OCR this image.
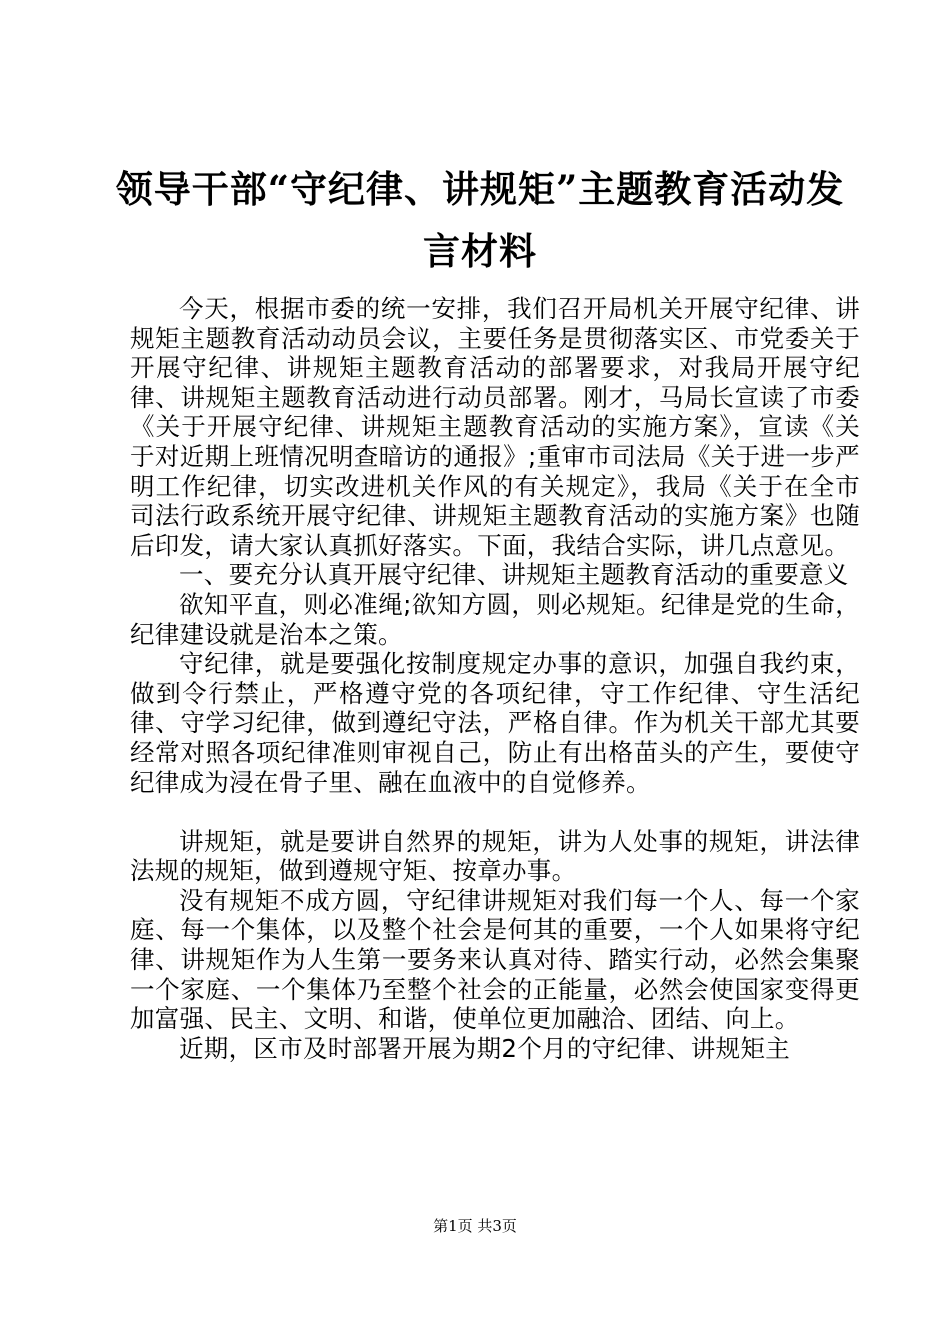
领导干部“守纪律、讲规矩”主题教育活动发言材料

今天，根据市委的统一安排，我们召开局机关开展守纪律、讲规矩主题教育活动动员会议，主要任务是贯彻落实区、市党委关于开展守纪律、讲规矩主题教育活动的部署要求，对我局开展守纪律、讲规矩主题教育活动进行动员部署。刚才，马局长宣读了市委《关于开展守纪律、讲规矩主题教育活动的实施方案》，宣读《关于对近期上班情况明查暗访的通报》;重审市司法局《关于进一步严明工作纪律，切实改进机关作风的有关规定》，我局《关于在全市司法行政系统开展守纪律、讲规矩主题教育活动的实施方案》也随后印发，请大家认真抓好落实。下面，我结合实际，讲几点意见。

一、要充分认真开展守纪律、讲规矩主题教育活动的重要意义

欲知平直，则必准绳;欲知方圆，则必规矩。纪律是党的生命，纪律建设就是治本之策。

守纪律，就是要强化按制度规定办事的意识，加强自我约束，做到令行禁止，严格遵守党的各项纪律，守工作纪律、守生活纪律、守学习纪律，做到遵纪守法，严格自律。作为机关干部尤其要经常对照各项纪律准则审视自己，防止有出格苗头的产生，要使守纪律成为浸在骨子里、融在血液中的自觉修养。

讲规矩，就是要讲自然界的规矩，讲为人处事的规矩，讲法律法规的规矩，做到遵规守矩、按章办事。

没有规矩不成方圆，守纪律讲规矩对我们每一个人、每一个家庭、每一个集体，以及整个社会是何其的重要，一个人如果将守纪律、讲规矩作为人生第一要务来认真对待、踏实行动，必然会集聚一个家庭、一个集体乃至整个社会的正能量，必然会使国家变得更加富强、民主、文明、和谐，使单位更加融洽、团结、向上。

近期，区市及时部署开展为期2个月的守纪律、讲规矩主

第1页 共3页
